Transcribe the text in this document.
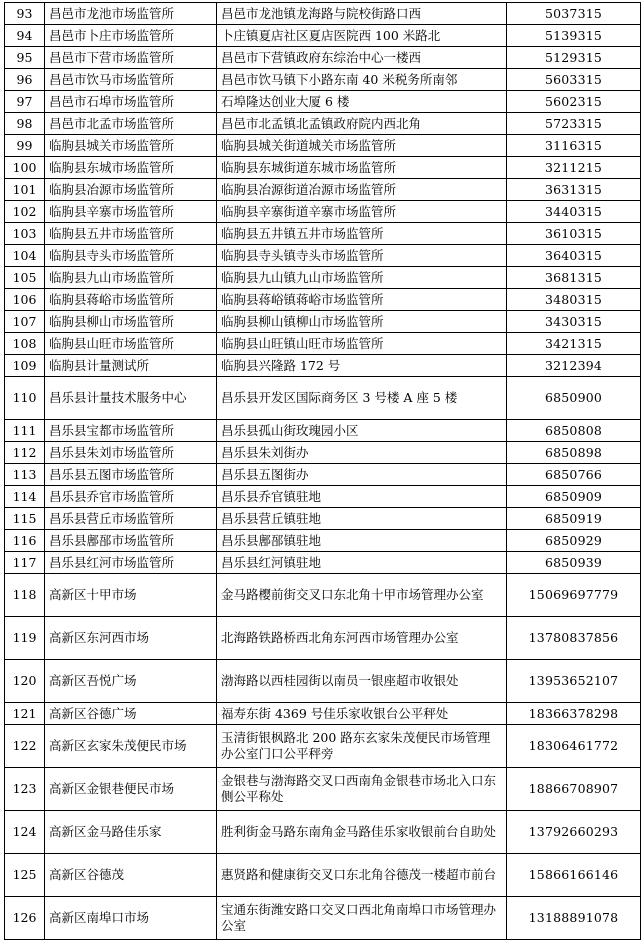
93	昌邑市龙池市场监管所	昌邑市龙池镇龙海路与院校街路口西	5037315
94	昌邑市卜庄市场监管所	卜庄镇夏店社区夏店医院西 100 米路北	5139315
95	昌邑市下营市场监管所	昌邑市下营镇政府东综治中心一楼西	5129315
96	昌邑市饮马市场监管所	昌邑市饮马镇下小路东南 40 米税务所南邻	5603315
97	昌邑市石埠市场监管所	石埠隆达创业大厦 6 楼	5602315
98	昌邑市北孟市场监管所	昌邑市北孟镇北孟镇政府院内西北角	5723315
99	临朐县城关市场监管所	临朐县城关街道城关市场监管所	3116315
100	临朐县东城市场监管所	临朐县东城街道东城市场监管所	3211215
101	临朐县冶源市场监管所	临朐县冶源街道冶源市场监管所	3631315
102	临朐县辛寨市场监管所	临朐县辛寨街道辛寨市场监管所	3440315
103	临朐县五井市场监管所	临朐县五井镇五井市场监管所	3610315
104	临朐县寺头市场监管所	临朐县寺头镇寺头市场监管所	3640315
105	临朐县九山市场监管所	临朐县九山镇九山市场监管所	3681315
106	临朐县蒋峪市场监管所	临朐县蒋峪镇蒋峪市场监管所	3480315
107	临朐县柳山市场监管所	临朐县柳山镇柳山市场监管所	3430315
108	临朐县山旺市场监管所	临朐县山旺镇山旺市场监管所	3421315
109	临朐县计量测试所	临朐县兴隆路 172 号	3212394
110	昌乐县计量技术服务中心	昌乐县开发区国际商务区 3 号楼 A 座 5 楼	6850900
111	昌乐县宝都市场监管所	昌乐县孤山街玫瑰园小区	6850808
112	昌乐县朱刘市场监管所	昌乐县朱刘街办	6850898
113	昌乐县五图市场监管所	昌乐县五图街办	6850766
114	昌乐县乔官市场监管所	昌乐县乔官镇驻地	6850909
115	昌乐县营丘市场监管所	昌乐县营丘镇驻地	6850919
116	昌乐县鄌郚市场监管所	昌乐县鄌郚镇驻地	6850929
117	昌乐县红河市场监管所	昌乐县红河镇驻地	6850939
118	高新区十甲市场	金马路樱前街交叉口东北角十甲市场管理办公室	15069697779
119	高新区东河西市场	北海路铁路桥西北角东河西市场管理办公室	13780837856
120	高新区吾悦广场	渤海路以西桂园街以南员一银座超市收银处	13953652107
121	高新区谷德广场	福寿东街 4369 号佳乐家收银台公平秤处	18366378298
122	高新区玄家朱茂便民市场	玉清街银枫路北 200 路东玄家朱茂便民市场管理办公室门口公平秤旁	18306461772
123	高新区金银巷便民市场	金银巷与渤海路交叉口西南角金银巷市场北入口东侧公平称处	18866708907
124	高新区金马路佳乐家	胜利街金马路东南角金马路佳乐家收银前台自助处	13792660293
125	高新区谷德茂	惠贤路和健康街交叉口东北角谷德茂一楼超市前台	15866166146
126	高新区南埠口市场	宝通东街潍安路口交叉口西北角南埠口市场管理办公室	13188891078
